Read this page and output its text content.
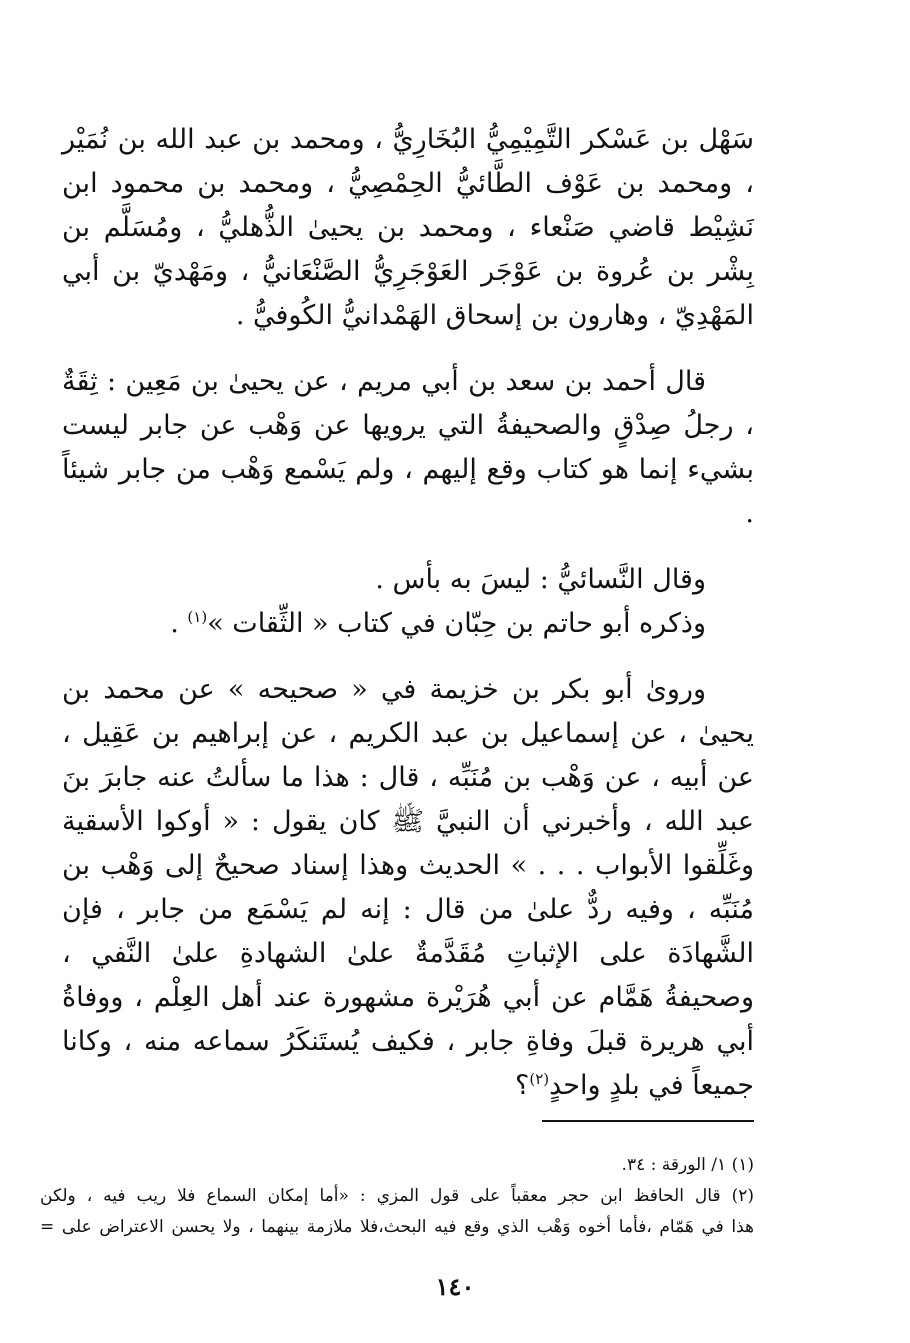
سَهْل بن عَسْكر التَّمِيْمِيُّ البُخَارِيُّ ، ومحمد بن عبد الله بن نُمَيْر ، ومحمد بن عَوْف الطَّائيُّ الحِمْصِيُّ ، ومحمد بن محمود ابن نَشِيْط قاضي صَنْعاء ، ومحمد بن يحيىٰ الذُّهليُّ ، ومُسَلَّم بن بِشْر بن عُروة بن عَوْجَر العَوْجَرِيُّ الصَّنْعَانيُّ ، ومَهْديّ بن أبي المَهْدِيّ ، وهارون بن إسحاق الهَمْدانيُّ الكُوفيُّ .

قال أحمد بن سعد بن أبي مريم ، عن يحيىٰ بن مَعِين : ثِقَةٌ ، رجلُ صِدْقٍ والصحيفةُ التي يرويها عن وَهْب عن جابر ليست بشيء إنما هو كتاب وقع إليهم ، ولم يَسْمع وَهْب من جابر شيئاً .

وقال النَّسائيُّ : ليسَ به بأس .

وذكره أبو حاتم بن حِبّان في كتاب « الثِّقات »$^{(١)}$ .

ورویٰ أبو بكر بن خزيمة في « صحيحه » عن محمد بن يحيىٰ ، عن إسماعيل بن عبد الكريم ، عن إبراهيم بن عَقِيل ، عن أبيه ، عن وَهْب بن مُنَبِّه ، قال : هذا ما سألتُ عنه جابرَ بنَ عبد الله ، وأخبرني أن النبيَّ ﷺ كان يقول : « أوكوا الأسقية وغَلِّقوا الأبواب . . . » الحديث وهذا إسناد صحيحٌ إلى وَهْب بن مُنَبِّه ، وفيه ردٌّ علىٰ من قال : إنه لم يَسْمَع من جابر ، فإن الشَّهادَة على الإثباتِ مُقَدَّمةٌ علىٰ الشهادةِ علىٰ النَّفي ، وصحيفةُ هَمَّام عن أبي هُرَيْرة مشهورة عند أهل العِلْم ، ووفاةُ أبي هريرة قبلَ وفاةِ جابر ، فكيف يُستَنكَرُ سماعه منه ، وكانا جميعاً في بلدٍ واحدٍ$^{(٢)}$؟

(١) ١/ الورقة : ٣٤.

(٢) قال الحافظ ابن حجر معقباً على قول المزي : «أما إمكان السماع فلا ريب فيه ، ولكن

هذا في هَمّام ،فأما أخوه وَهْب الذي وقع فيه البحث،فلا ملازمة بينهما ، ولا يحسن الاعتراض على =

١٤٠
